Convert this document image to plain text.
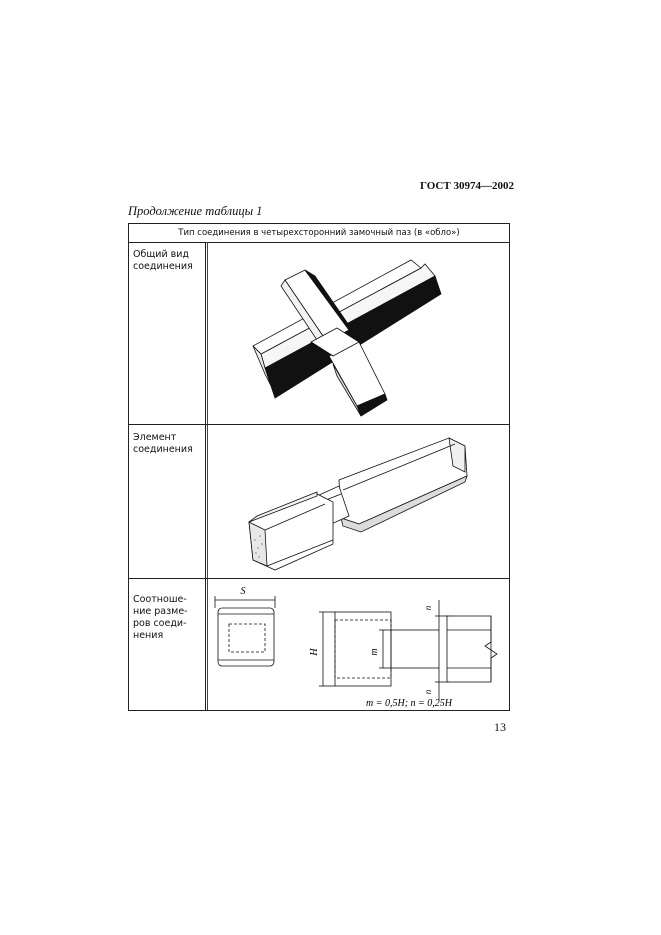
ГОСТ 30974—2002
Продолжение таблицы 1
Тип соединения в четырехсторонний замочный паз (в «обло»)
Общий вид
соединения
Элемент
соединения
Соотноше-
ние разме-
ров соеди-
нения
S
H	m
n
n
m = 0,5H; n = 0,25H
13
